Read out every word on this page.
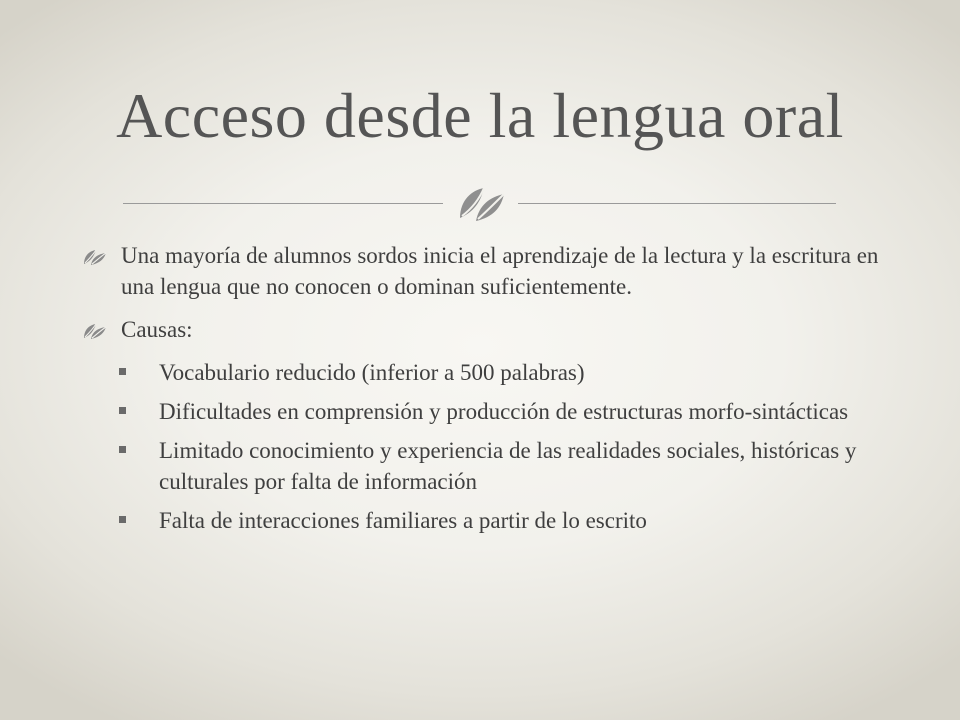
Acceso desde la lengua oral
Una mayoría de alumnos sordos inicia el aprendizaje de la lectura y la escritura en una lengua que no conocen o dominan suficientemente.
Causas:
Vocabulario reducido (inferior a 500 palabras)
Dificultades en comprensión y producción de estructuras morfo-sintácticas
Limitado conocimiento y experiencia de las realidades sociales, históricas y culturales por falta de información
Falta de interacciones familiares a partir de lo escrito
